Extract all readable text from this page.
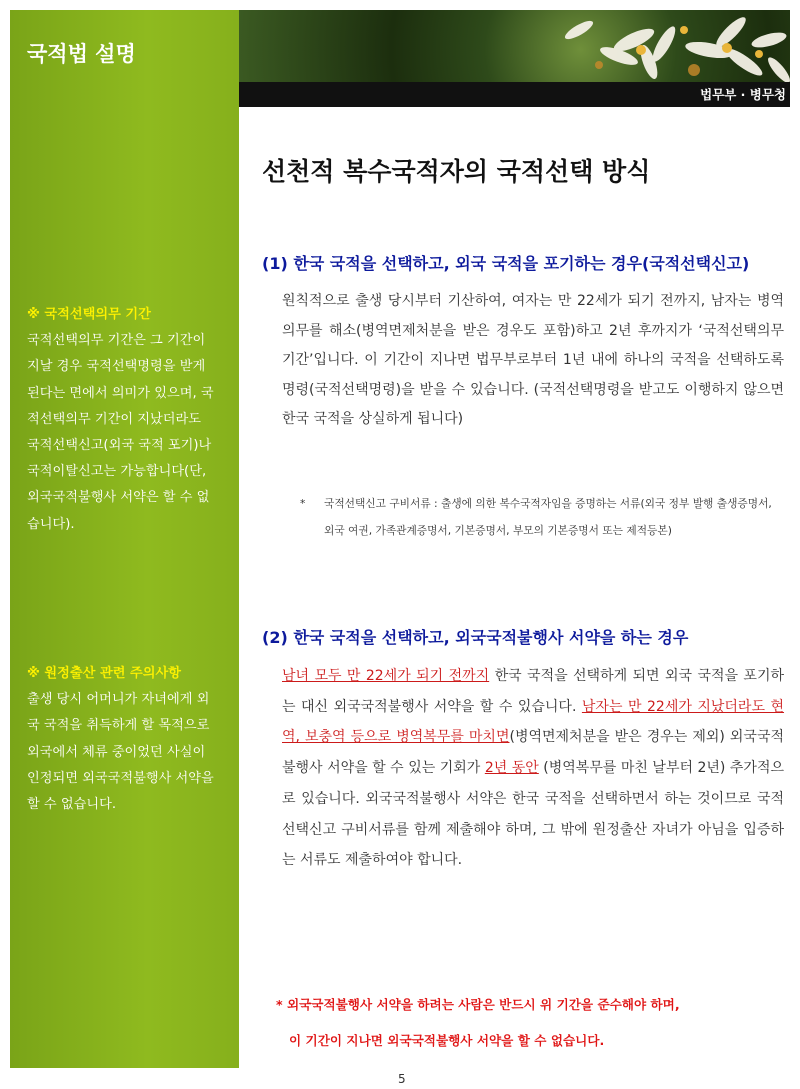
국적법 설명
※ 국적선택의무 기간
국적선택의무 기간은 그 기간이 지날 경우 국적선택명령을 받게 된다는 면에서 의미가 있으며, 국적선택의무 기간이 지났더라도 국적선택신고(외국 국적 포기)나 국적이탈신고는 가능합니다(단, 외국국적불행사 서약은 할 수 없습니다).
※ 원정출산 관련 주의사항
출생 당시 어머니가 자녀에게 외국 국적을 취득하게 할 목적으로 외국에서 체류 중이었던 사실이 인정되면 외국국적불행사 서약을 할 수 없습니다.
법무부 · 병무청
선천적 복수국적자의 국적선택 방식
(1) 한국 국적을 선택하고, 외국 국적을 포기하는 경우(국적선택신고)
원칙적으로 출생 당시부터 기산하여, 여자는 만 22세가 되기 전까지, 남자는 병역의무를 해소(병역면제처분을 받은 경우도 포함)하고 2년 후까지가 ‘국적선택의무 기간’입니다. 이 기간이 지나면 법무부로부터 1년 내에 하나의 국적을 선택하도록 명령(국적선택명령)을 받을 수 있습니다. (국적선택명령을 받고도 이행하지 않으면 한국 국적을 상실하게 됩니다)
*	국적선택신고 구비서류 : 출생에 의한 복수국적자임을 증명하는 서류(외국 정부 발행 출생증명서, 외국 여권, 가족관계증명서, 기본증명서, 부모의 기본증명서 또는 제적등본)
(2) 한국 국적을 선택하고, 외국국적불행사 서약을 하는 경우
남녀 모두 만 22세가 되기 전까지 한국 국적을 선택하게 되면 외국 국적을 포기하는 대신 외국국적불행사 서약을 할 수 있습니다. 남자는 만 22세가 지났더라도 현역, 보충역 등으로 병역복무를 마치면(병역면제처분을 받은 경우는 제외) 외국국적불행사 서약을 할 수 있는 기회가 2년 동안 (병역복무를 마친 날부터 2년) 추가적으로 있습니다. 외국국적불행사 서약은 한국 국적을 선택하면서 하는 것이므로 국적선택신고 구비서류를 함께 제출해야 하며, 그 밖에 원정출산 자녀가 아님을 입증하는 서류도 제출하여야 합니다.
* 외국국적불행사 서약을 하려는 사람은 반드시 위 기간을 준수해야 하며,
이 기간이 지나면 외국국적불행사 서약을 할 수 없습니다.
5
